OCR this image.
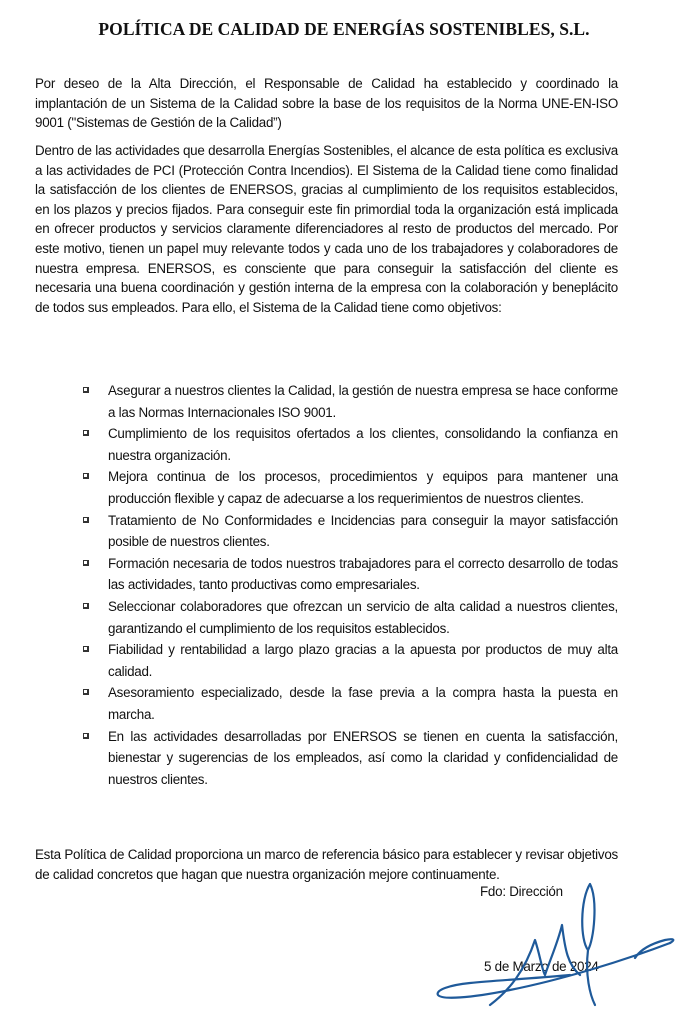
POLÍTICA DE CALIDAD DE ENERGÍAS SOSTENIBLES, S.L.

Por deseo de la Alta Dirección, el Responsable de Calidad ha establecido y coordinado la implantación de un Sistema de la Calidad sobre la base de los requisitos de la Norma UNE-EN-ISO 9001 ("Sistemas de Gestión de la Calidad”)

Dentro de las actividades que desarrolla Energías Sostenibles, el alcance de esta política es exclusiva a las actividades de PCI (Protección Contra Incendios). El Sistema de la Calidad tiene como finalidad la satisfacción de los clientes de ENERSOS, gracias al cumplimiento de los requisitos establecidos, en los plazos y precios fijados. Para conseguir este fin primordial toda la organización está implicada en ofrecer productos y servicios claramente diferenciadores al resto de productos del mercado. Por este motivo, tienen un papel muy relevante todos y cada uno de los trabajadores y colaboradores de nuestra empresa. ENERSOS, es consciente que para conseguir la satisfacción del cliente es necesaria una buena coordinación y gestión interna de la empresa con la colaboración y beneplácito de todos sus empleados. Para ello, el Sistema de la Calidad tiene como objetivos:

Asegurar a nuestros clientes la Calidad, la gestión de nuestra empresa se hace conforme a las Normas Internacionales ISO 9001.
Cumplimiento de los requisitos ofertados a los clientes, consolidando la confianza en nuestra organización.
Mejora continua de los procesos, procedimientos y equipos para mantener una producción flexible y capaz de adecuarse a los requerimientos de nuestros clientes.
Tratamiento de No Conformidades e Incidencias para conseguir la mayor satisfacción posible de nuestros clientes.
Formación necesaria de todos nuestros trabajadores para el correcto desarrollo de todas las actividades, tanto productivas como empresariales.
Seleccionar colaboradores que ofrezcan un servicio de alta calidad a nuestros clientes, garantizando el cumplimiento de los requisitos establecidos.
Fiabilidad y rentabilidad a largo plazo gracias a la apuesta por productos de muy alta calidad.
Asesoramiento especializado, desde la fase previa a la compra hasta la puesta en marcha.
En las actividades desarrolladas por ENERSOS se tienen en cuenta la satisfacción, bienestar y sugerencias de los empleados, así como la claridad y confidencialidad de nuestros clientes.

Esta Política de Calidad proporciona un marco de referencia básico para establecer y revisar objetivos de calidad concretos que hagan que nuestra organización mejore continuamente.

Fdo: Dirección
5 de Marzo de 2024
